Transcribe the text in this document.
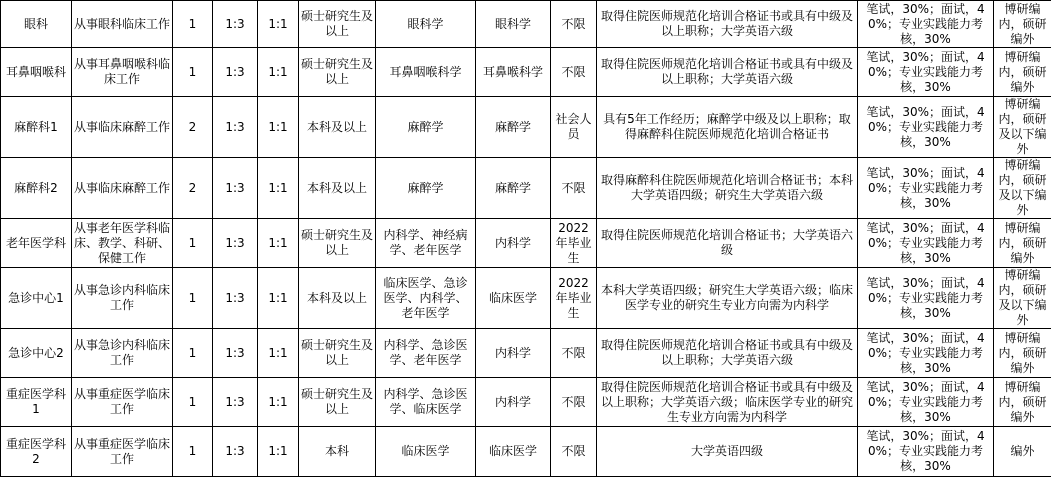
眼科	从事眼科临床工作	1	1:3	1:1	硕士研究生及以上	眼科学	眼科学	不限	取得住院医师规范化培训合格证书或具有中级及以上职称；大学英语六级	笔试，30%；面试，40%；专业实践能力考核，30%	博研编内，硕研编外
耳鼻咽喉科	从事耳鼻咽喉科临床工作	1	1:3	1:1	硕士研究生及以上	耳鼻咽喉科学	耳鼻喉科学	不限	取得住院医师规范化培训合格证书或具有中级及以上职称；大学英语六级	笔试，30%；面试，40%；专业实践能力考核，30%	博研编内，硕研编外
麻醉科1	从事临床麻醉工作	2	1:3	1:1	本科及以上	麻醉学	麻醉学	社会人员	具有5年工作经历；麻醉学中级及以上职称；取得麻醉科住院医师规范化培训合格证书	笔试，30%；面试，40%；专业实践能力考核，30%	博研编内，硕研及以下编外
麻醉科2	从事临床麻醉工作	2	1:3	1:1	本科及以上	麻醉学	麻醉学	不限	取得麻醉科住院医师规范化培训合格证书；本科大学英语四级；研究生大学英语六级	笔试，30%；面试，40%；专业实践能力考核，30%	博研编内，硕研及以下编外
老年医学科	从事老年医学科临床、教学、科研、保健工作	1	1:3	1:1	硕士研究生及以上	内科学、神经病学、老年医学	内科学	2022年毕业生	取得住院医师规范化培训合格证书；大学英语六级	笔试，30%；面试，40%；专业实践能力考核，30%	博研编内，硕研编外
急诊中心1	从事急诊内科临床工作	1	1:3	1:1	本科及以上	临床医学、急诊医学、内科学、老年医学	临床医学	2022年毕业生	本科大学英语四级；研究生大学英语六级；临床医学专业的研究生专业方向需为内科学	笔试，30%；面试，40%；专业实践能力考核，30%	博研编内，硕研及以下编外
急诊中心2	从事急诊内科临床工作	1	1:3	1:1	硕士研究生及以上	内科学、急诊医学、老年医学	内科学	不限	取得住院医师规范化培训合格证书或具有中级及以上职称；大学英语六级	笔试，30%；面试，40%；专业实践能力考核，30%	博研编内，硕研编外
重症医学科1	从事重症医学临床工作	1	1:3	1:1	硕士研究生及以上	内科学、急诊医学、临床医学	内科学	不限	取得住院医师规范化培训合格证书或具有中级及以上职称；大学英语六级；临床医学专业的研究生专业方向需为内科学	笔试，30%；面试，40%；专业实践能力考核，30%	博研编内，硕研编外
重症医学科2	从事重症医学临床工作	1	1:3	1:1	本科	临床医学	临床医学	不限	大学英语四级	笔试，30%；面试，40%；专业实践能力考核，30%	编外
